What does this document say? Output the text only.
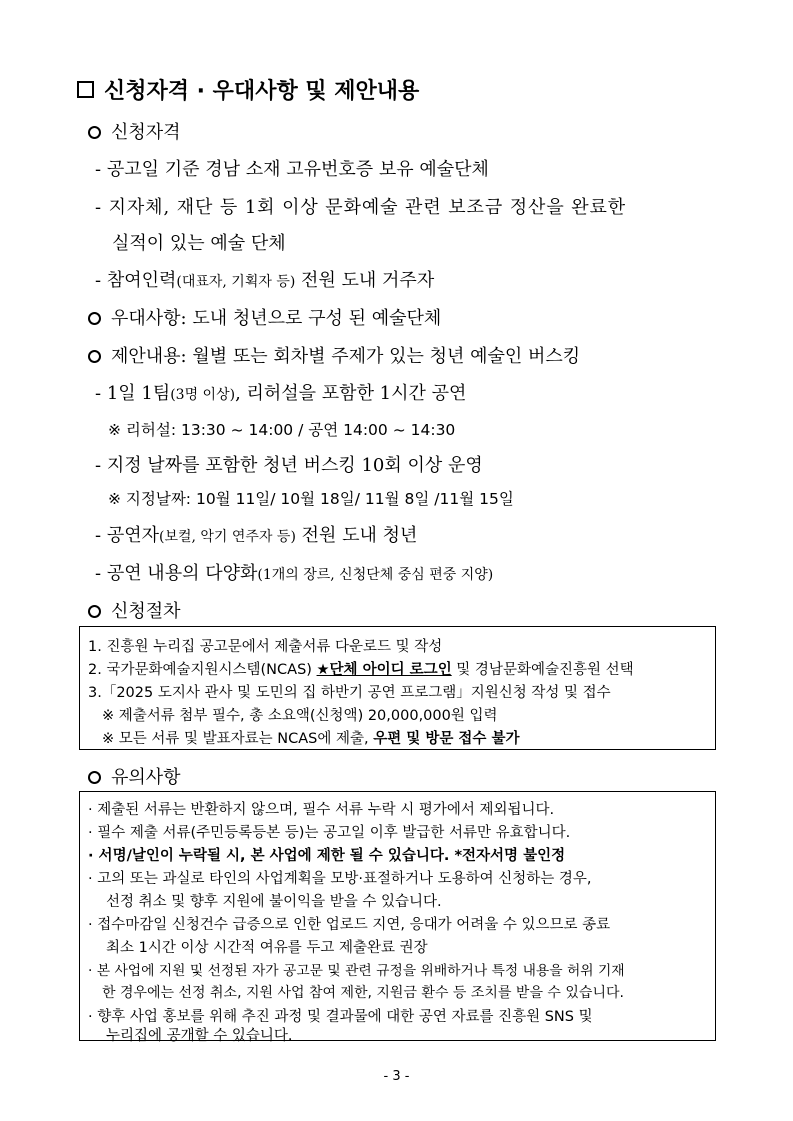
신청자격 · 우대사항 및 제안내용
신청자격
- 공고일 기준 경남 소재 고유번호증 보유 예술단체
- 지자체, 재단 등 1회 이상 문화예술 관련 보조금 정산을 완료한
실적이 있는 예술 단체
- 참여인력(대표자, 기획자 등) 전원 도내 거주자
우대사항: 도내 청년으로 구성 된 예술단체
제안내용: 월별 또는 회차별 주제가 있는 청년 예술인 버스킹
- 1일 1팀(3명 이상), 리허설을 포함한 1시간 공연
※ 리허설: 13:30 ~ 14:00 / 공연 14:00 ~ 14:30
- 지정 날짜를 포함한 청년 버스킹 10회 이상 운영
※ 지정날짜: 10월 11일/ 10월 18일/ 11월 8일 /11월 15일
- 공연자(보컬, 악기 연주자 등) 전원 도내 청년
- 공연 내용의 다양화(1개의 장르, 신청단체 중심 편중 지양)
신청절차
1. 진흥원 누리집 공고문에서 제출서류 다운로드 및 작성
2. 국가문화예술지원시스템(NCAS) ★단체 아이디 로그인 및 경남문화예술진흥원 선택
3.「2025 도지사 관사 및 도민의 집 하반기 공연 프로그램」지원신청 작성 및 접수
※ 제출서류 첨부 필수, 총 소요액(신청액) 20,000,000원 입력
※ 모든 서류 및 발표자료는 NCAS에 제출, 우편 및 방문 접수 불가
유의사항
· 제출된 서류는 반환하지 않으며, 필수 서류 누락 시 평가에서 제외됩니다.
· 필수 제출 서류(주민등록등본 등)는 공고일 이후 발급한 서류만 유효합니다.
· 서명/날인이 누락될 시, 본 사업에 제한 될 수 있습니다. *전자서명 불인정
· 고의 또는 과실로 타인의 사업계획을 모방·표절하거나 도용하여 신청하는 경우,
선정 취소 및 향후 지원에 불이익을 받을 수 있습니다.
· 접수마감일 신청건수 급증으로 인한 업로드 지연, 응대가 어려울 수 있으므로 종료
최소 1시간 이상 시간적 여유를 두고 제출완료 권장
· 본 사업에 지원 및 선정된 자가 공고문 및 관련 규정을 위배하거나 특정 내용을 허위 기재
한 경우에는 선정 취소, 지원 사업 참여 제한, 지원금 환수 등 조치를 받을 수 있습니다.
· 향후 사업 홍보를 위해 추진 과정 및 결과물에 대한 공연 자료를 진흥원 SNS 및
누리집에 공개할 수 있습니다.
- 3 -
